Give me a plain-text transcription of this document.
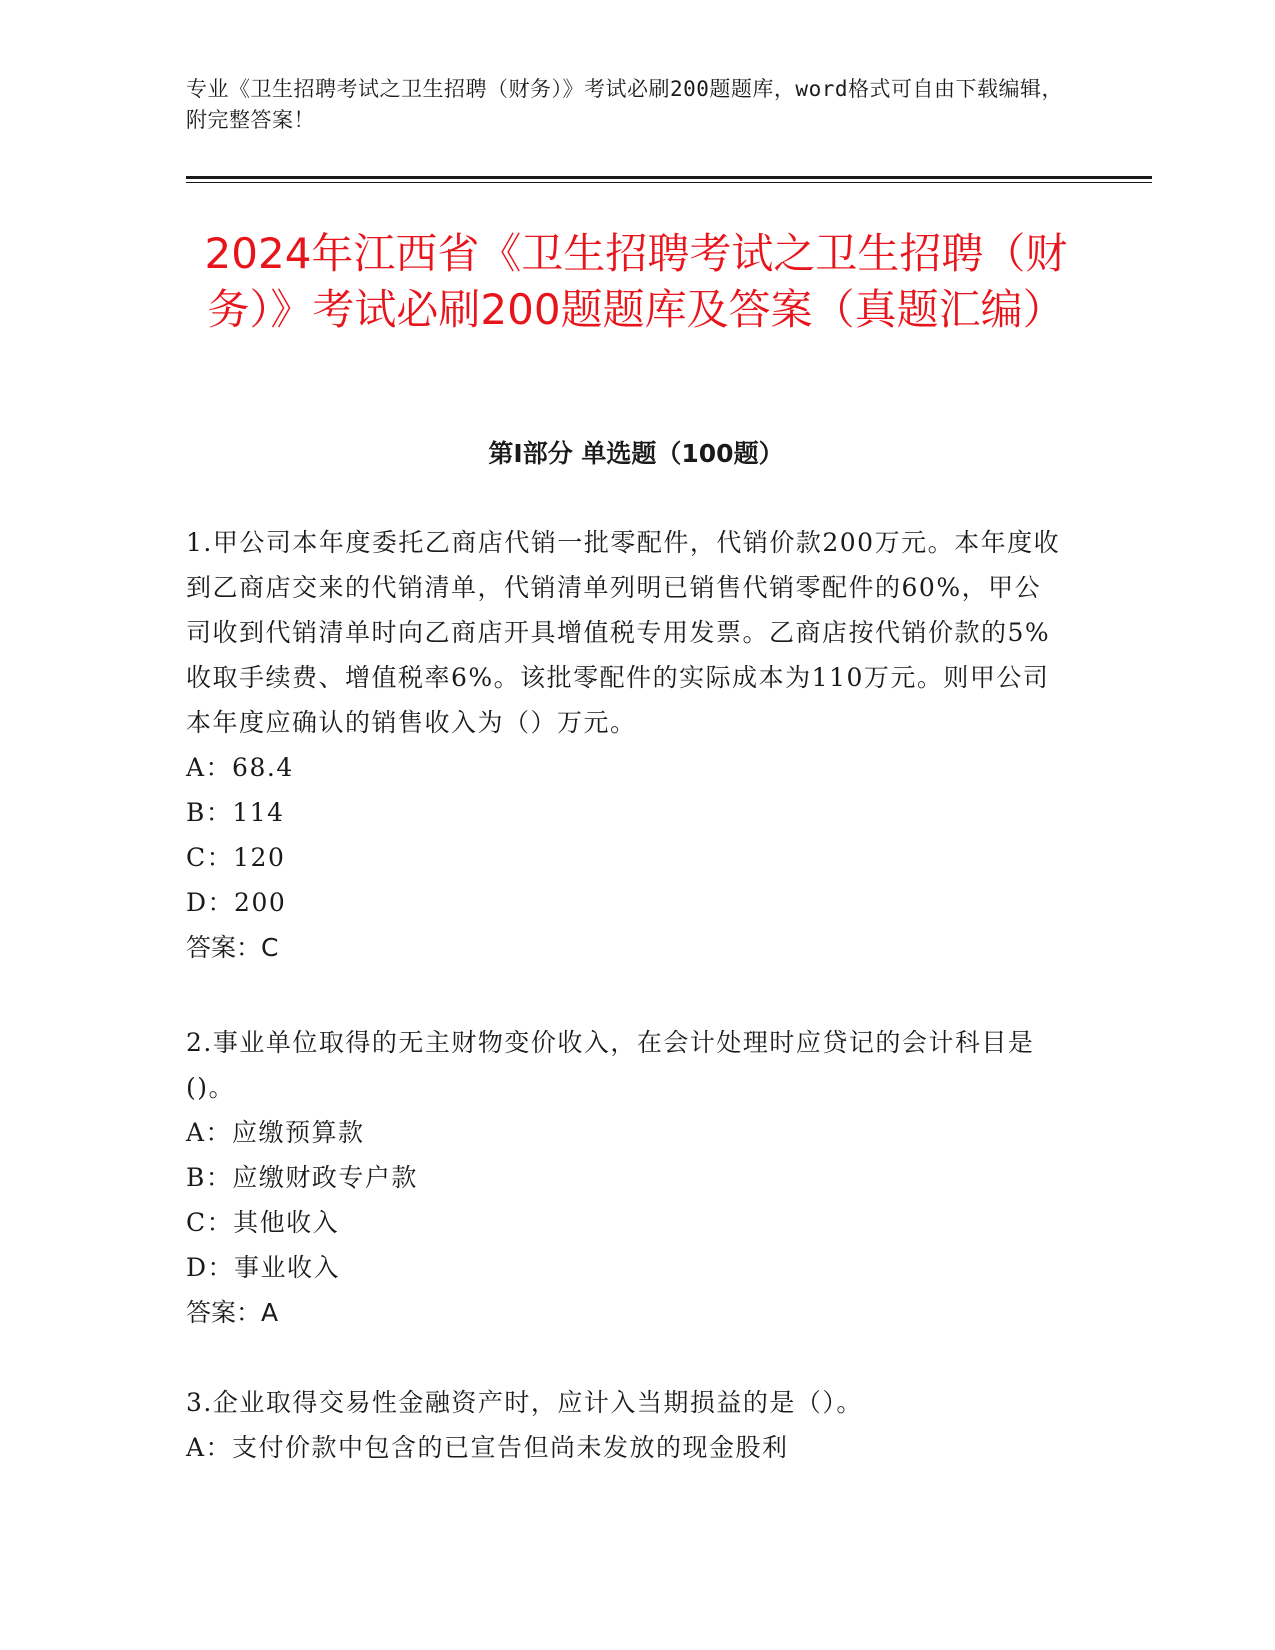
专业《卫生招聘考试之卫生招聘（财务）》考试必刷200题题库，word格式可自由下载编辑，附完整答案！
2024年江西省《卫生招聘考试之卫生招聘（财务）》考试必刷200题题库及答案（真题汇编）
第I部分 单选题（100题）

1.甲公司本年度委托乙商店代销一批零配件，代销价款200万元。本年度收到乙商店交来的代销清单，代销清单列明已销售代销零配件的60%，甲公司收到代销清单时向乙商店开具增值税专用发票。乙商店按代销价款的5%收取手续费、增值税率6%。该批零配件的实际成本为110万元。则甲公司本年度应确认的销售收入为（）万元。

A：68.4

B：114

C：120

D：200

答案：C

2.事业单位取得的无主财物变价收入，在会计处理时应贷记的会计科目是()。

A：应缴预算款

B：应缴财政专户款

C：其他收入

D：事业收入

答案：A

3.企业取得交易性金融资产时，应计入当期损益的是（）。

A：支付价款中包含的已宣告但尚未发放的现金股利
